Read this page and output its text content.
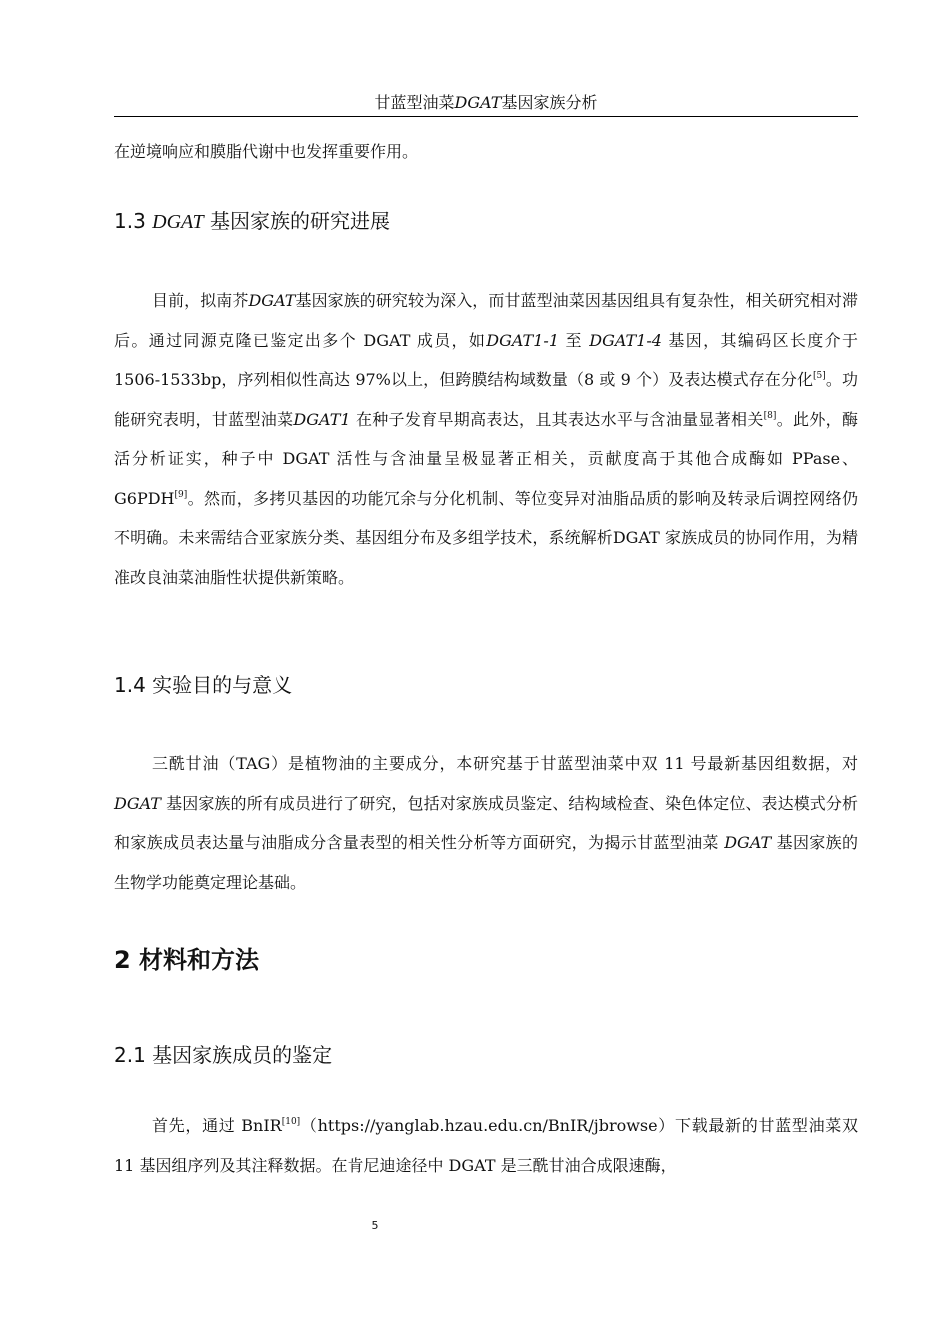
甘蓝型油菜DGAT基因家族分析

在逆境响应和膜脂代谢中也发挥重要作用。

1.3 DGAT 基因家族的研究进展

目前，拟南芥DGAT基因家族的研究较为深入，而甘蓝型油菜因基因组具有复杂性，相关研究相对滞后。通过同源克隆已鉴定出多个 DGAT 成员，如DGAT1-1 至 DGAT1-4 基因，其编码区长度介于 1506-1533bp，序列相似性高达 97%以上，但跨膜结构域数量（8 或 9 个）及表达模式存在分化[5]。功能研究表明，甘蓝型油菜DGAT1 在种子发育早期高表达，且其表达水平与含油量显著相关[8]。此外，酶活分析证实，种子中 DGAT 活性与含油量呈极显著正相关，贡献度高于其他合成酶如 PPase、G6PDH[9]。然而，多拷贝基因的功能冗余与分化机制、等位变异对油脂品质的影响及转录后调控网络仍不明确。未来需结合亚家族分类、基因组分布及多组学技术，系统解析DGAT 家族成员的协同作用，为精准改良油菜油脂性状提供新策略。

1.4 实验目的与意义

三酰甘油（TAG）是植物油的主要成分，本研究基于甘蓝型油菜中双 11 号最新基因组数据，对 DGAT 基因家族的所有成员进行了研究，包括对家族成员鉴定、结构域检查、染色体定位、表达模式分析和家族成员表达量与油脂成分含量表型的相关性分析等方面研究，为揭示甘蓝型油菜 DGAT 基因家族的生物学功能奠定理论基础。

2 材料和方法
2.1 基因家族成员的鉴定

首先，通过 BnIR[10]（https://yanglab.hzau.edu.cn/BnIR/jbrowse）下载最新的甘蓝型油菜双 11 基因组序列及其注释数据。在肯尼迪途径中 DGAT 是三酰甘油合成限速酶，

5
